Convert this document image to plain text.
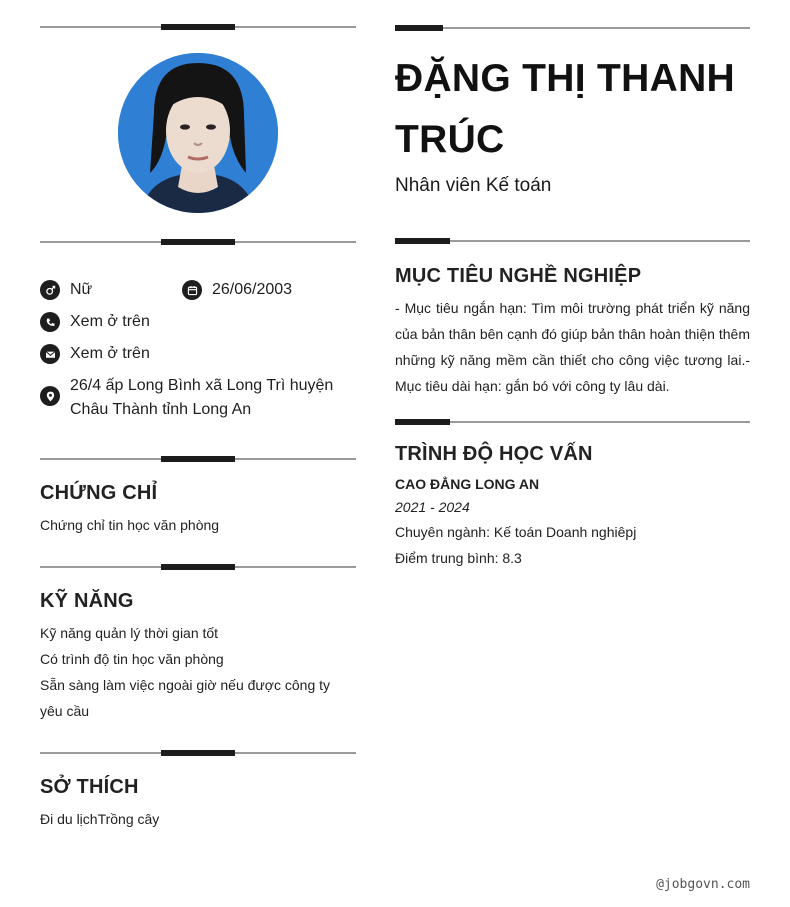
Nữ	26/06/2003
Xem ở trên
Xem ở trên
26/4 ấp Long Bình xã Long Trì huyện Châu Thành tỉnh Long An
CHỨNG CHỈ
Chứng chỉ tin học văn phòng
KỸ NĂNG
Kỹ năng quản lý thời gian tốt
Có trình độ tin học văn phòng
Sẵn sàng làm việc ngoài giờ nếu được công ty yêu cầu
SỞ THÍCH
Đi du lịchTrồng cây
ĐẶNG THỊ THANH TRÚC
Nhân viên Kế toán
MỤC TIÊU NGHỀ NGHIỆP
- Mục tiêu ngắn hạn: Tìm môi trường phát triển kỹ năng của bản thân bên cạnh đó giúp bản thân hoàn thiện thêm những kỹ năng mềm cần thiết cho công việc tương lai.- Mục tiêu dài hạn: gắn bó với công ty lâu dài.
TRÌNH ĐỘ HỌC VẤN
CAO ĐẲNG LONG AN
2021 - 2024
Chuyên ngành: Kế toán Doanh nghiêpj
Điểm trung bình: 8.3
@jobgovn.com
